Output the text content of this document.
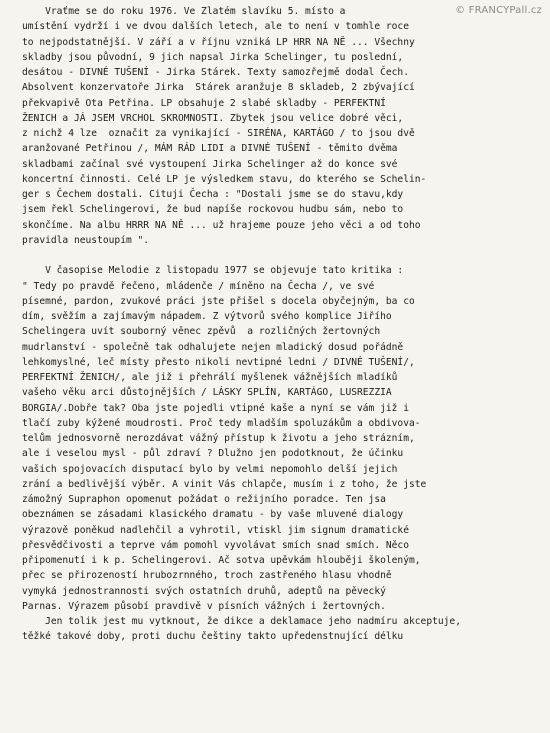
© FRANCYPall.cz
Vraťme se do roku 1976. Ve Zlatém slavíku 5. místo a
umístění vydrží i ve dvou dalších letech, ale to není v tomhle roce
to nejpodstatnější. V září a v říjnu vzniká LP HRR NA NĚ ... Všechny
skladby jsou původní, 9 jich napsal Jirka Schelinger, tu poslední,
desátou - DIVNÉ TUŠENÍ - Jirka Stárek. Texty samozřejmě dodal Čech.
Absolvent konzervatoře Jirka  Stárek aranžuje 8 skladeb, 2 zbývající
překvapivě Ota Petřina. LP obsahuje 2 slabé skladby - PERFEKTNÍ
ŽENICH a JÁ JSEM VRCHOL SKROMNOSTI. Zbytek jsou velice dobré věci,
z nichž 4 lze  označit za vynikající - SIRÉNA, KARTÁGO / to jsou dvě
aranžované Petřinou /, MÁM RÁD LIDI a DIVNÉ TUŠENÍ - těmito dvěma
skladbami začínal své vystoupení Jirka Schelinger až do konce své
koncertní činnosti. Celé LP je výsledkem stavu, do kterého se Schelin-
ger s Čechem dostali. Cituji Čecha : "Dostali jsme se do stavu,kdy
jsem řekl Schelingerovi, že bud napíše rockovou hudbu sám, nebo to
skončíme. Na albu HRRR NA NĚ ... už hrajeme pouze jeho věci a od toho
pravidla neustoupím ".
V časopise Melodie z listopadu 1977 se objevuje tato kritika :
" Tedy po pravdě řečeno, mládenče / míněno na Čecha /, ve své
písemné, pardon, zvukové práci jste přišel s docela obyčejným, ba co
dím, svěžím a zajímavým nápadem. Z výtvorů svého komplice Jiřího
Schelingera uvít souborný věnec zpěvů  a rozličných žertovných
mudrlanství - společně tak odhalujete nejen mladický dosud pořádně
lehkomyslné, leč místy přesto nikoli nevtipné ledni / DIVNÉ TUŠENÍ/,
PERFEKTNÍ ŽENICH/, ale již i přehrálí myšlenek vážnějších mladíků
vašeho věku arci důstojnějších / LÁSKY SPLÍN, KARTÁGO, LUSREZZIA
BORGIA/.Dobře tak? Oba jste pojedli vtipné kaše a nyní se vám již i
tlačí zuby kýžené moudrosti. Proč tedy mladším spoluzákům a obdivova-
telům jednosvorně nerozdávat vážný přístup k životu a jeho strázním,
ale i veselou mysl - půl zdraví ? Dlužno jen podotknout, že účinku
vašich spojovacích disputací bylo by velmi nepomohlo delší jejich
zrání a bedlivější výběr. A vinit Vás chlapče, musím i z toho, že jste
zámožný Supraphon opomenut požádat o režijního poradce. Ten jsa
obeznámen se zásadami klasického dramatu - by vaše mluvené dialogy
výrazově poněkud nadlehčil a vyhrotil, vtiskl jim signum dramatické
přesvědčivosti a teprve vám pomohl vyvolávat smích snad smích. Něco
připomenutí i k p. Schelingerovi. Ač sotva upěvkám hlouběji školeným,
přec se přirozeností hrubozrnného, troch zastřeného hlasu vhodně
vymyká jednostrannosti svých ostatních druhů, adeptů na pěvecký
Parnas. Výrazem působí pravdivě v písních vážných i žertovných.
Jen tolik jest mu vytknout, že dikce a deklamace jeho nadmíru akceptuje,
těžké takové doby, proti duchu češtiny takto upředenstnující délku
